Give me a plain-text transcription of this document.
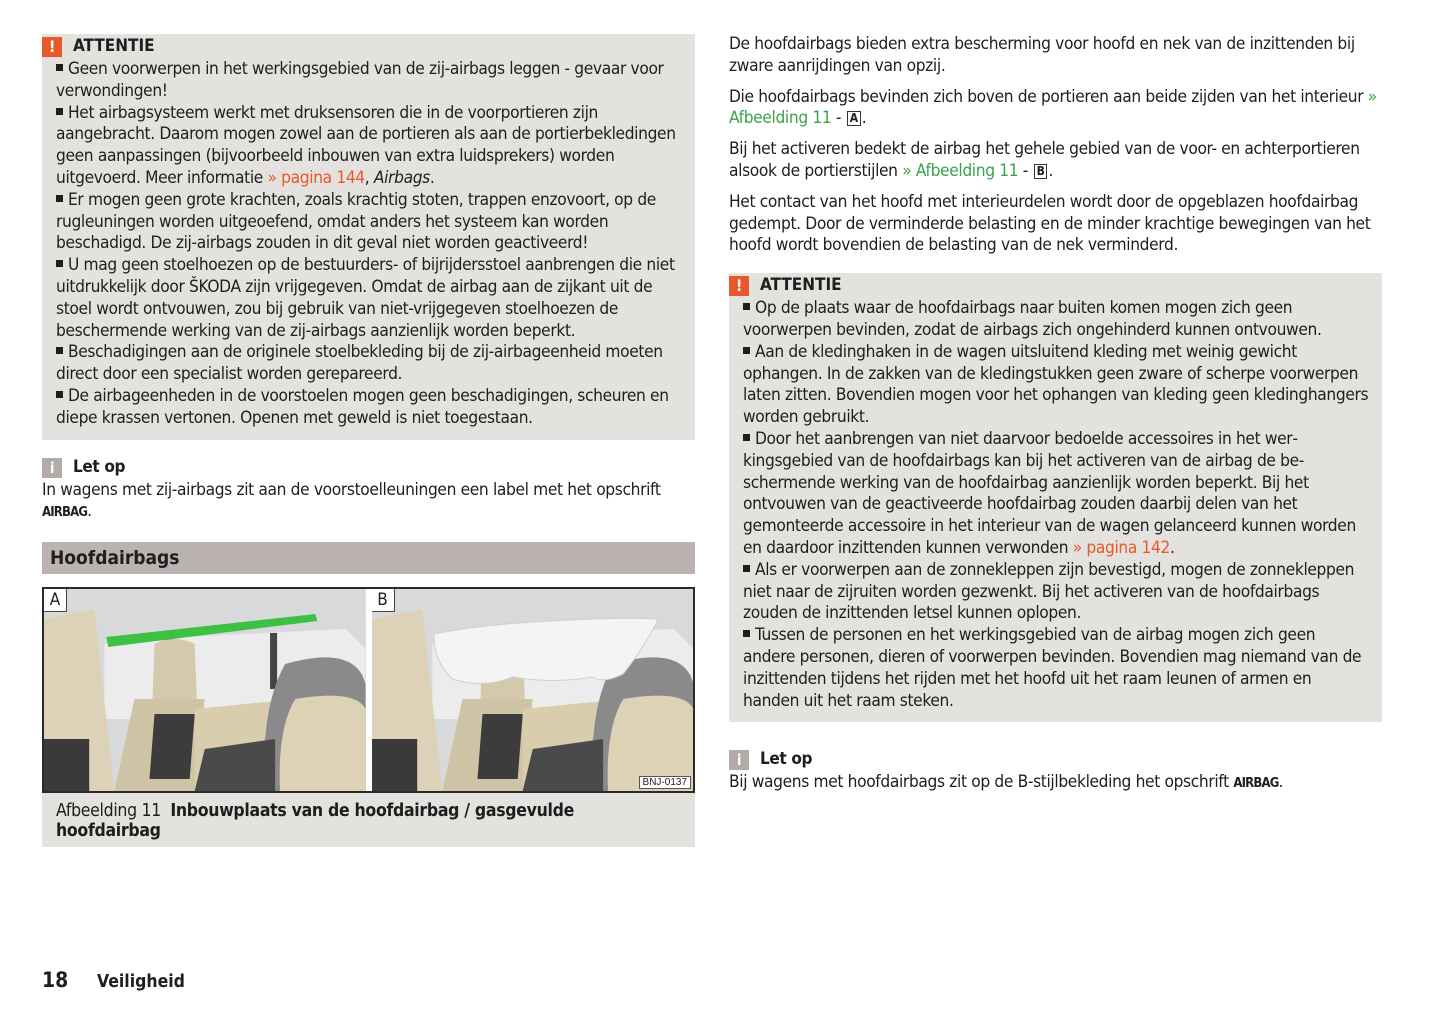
!	ATTENTIE

Geen voorwerpen in het werkingsgebied van de zij-airbags leggen - gevaar voor verwondingen!

Het airbagsysteem werkt met druksensoren die in de voorportieren zijn aangebracht. Daarom mogen zowel aan de portieren als aan de portierbekledingen geen aanpassingen (bijvoorbeeld inbouwen van extra luidsprekers) worden uitgevoerd. Meer informatie » pagina 144, Airbags.

Er mogen geen grote krachten, zoals krachtig stoten, trappen enzovoort, op de rugleuningen worden uitgeoefend, omdat anders het systeem kan worden beschadigd. De zij-airbags zouden in dit geval niet worden geactiveerd!

U mag geen stoelhoezen op de bestuurders- of bijrijdersstoel aanbrengen die niet uitdrukkelijk door ŠKODA zijn vrijgegeven. Omdat de airbag aan de zijkant uit de stoel wordt ontvouwen, zou bij gebruik van niet-vrijgegeven stoelhoezen de beschermende werking van de zij-airbags aanzienlijk worden beperkt.

Beschadigingen aan de originele stoelbekleding bij de zij-airbageenheid moeten direct door een specialist worden gerepareerd.

De airbageenheden in de voorstoelen mogen geen beschadigingen, scheuren en diepe krassen vertonen. Openen met geweld is niet toegestaan.

i	Let op

In wagens met zij-airbags zit aan de voorstoelleuningen een label met het opschrift AIRBAG.

Hoofdairbags
A	B
BNJ-0137
Afbeelding 11 Inbouwplaats van de hoofdairbag / gasgevulde hoofdairbag

De hoofdairbags bieden extra bescherming voor hoofd en nek van de inzittenden bij zware aanrijdingen van opzij.

Die hoofdairbags bevinden zich boven de portieren aan beide zijden van het interieur » Afbeelding 11 - A .

Bij het activeren bedekt de airbag het gehele gebied van de voor- en achterportieren alsook de portierstijlen » Afbeelding 11 - B .

Het contact van het hoofd met interieurdelen wordt door de opgeblazen hoofdairbag gedempt. Door de verminderde belasting en de minder krachtige bewegingen van het hoofd wordt bovendien de belasting van de nek verminderd.

!	ATTENTIE

Op de plaats waar de hoofdairbags naar buiten komen mogen zich geen voorwerpen bevinden, zodat de airbags zich ongehinderd kunnen ontvouwen.

Aan de kledinghaken in de wagen uitsluitend kleding met weinig gewicht ophangen. In de zakken van de kledingstukken geen zware of scherpe voorwerpen laten zitten. Bovendien mogen voor het ophangen van kleding geen kledinghangers worden gebruikt.

Door het aanbrengen van niet daarvoor bedoelde accessoires in het werkingsgebied van de hoofdairbags kan bij het activeren van de airbag de beschermende werking van de hoofdairbag aanzienlijk worden beperkt. Bij het ontvouwen van de geactiveerde hoofdairbag zouden daarbij delen van het gemonteerde accessoire in het interieur van de wagen gelanceerd kunnen worden en daardoor inzittenden kunnen verwonden » pagina 142.

Als er voorwerpen aan de zonnekleppen zijn bevestigd, mogen de zonnekleppen niet naar de zijruiten worden gezwenkt. Bij het activeren van de hoofdairbags zouden de inzittenden letsel kunnen oplopen.

Tussen de personen en het werkingsgebied van de airbag mogen zich geen andere personen, dieren of voorwerpen bevinden. Bovendien mag niemand van de inzittenden tijdens het rijden met het hoofd uit het raam leunen of armen en handen uit het raam steken.

i	Let op

Bij wagens met hoofdairbags zit op de B-stijlbekleding het opschrift AIRBAG.

18	Veiligheid
